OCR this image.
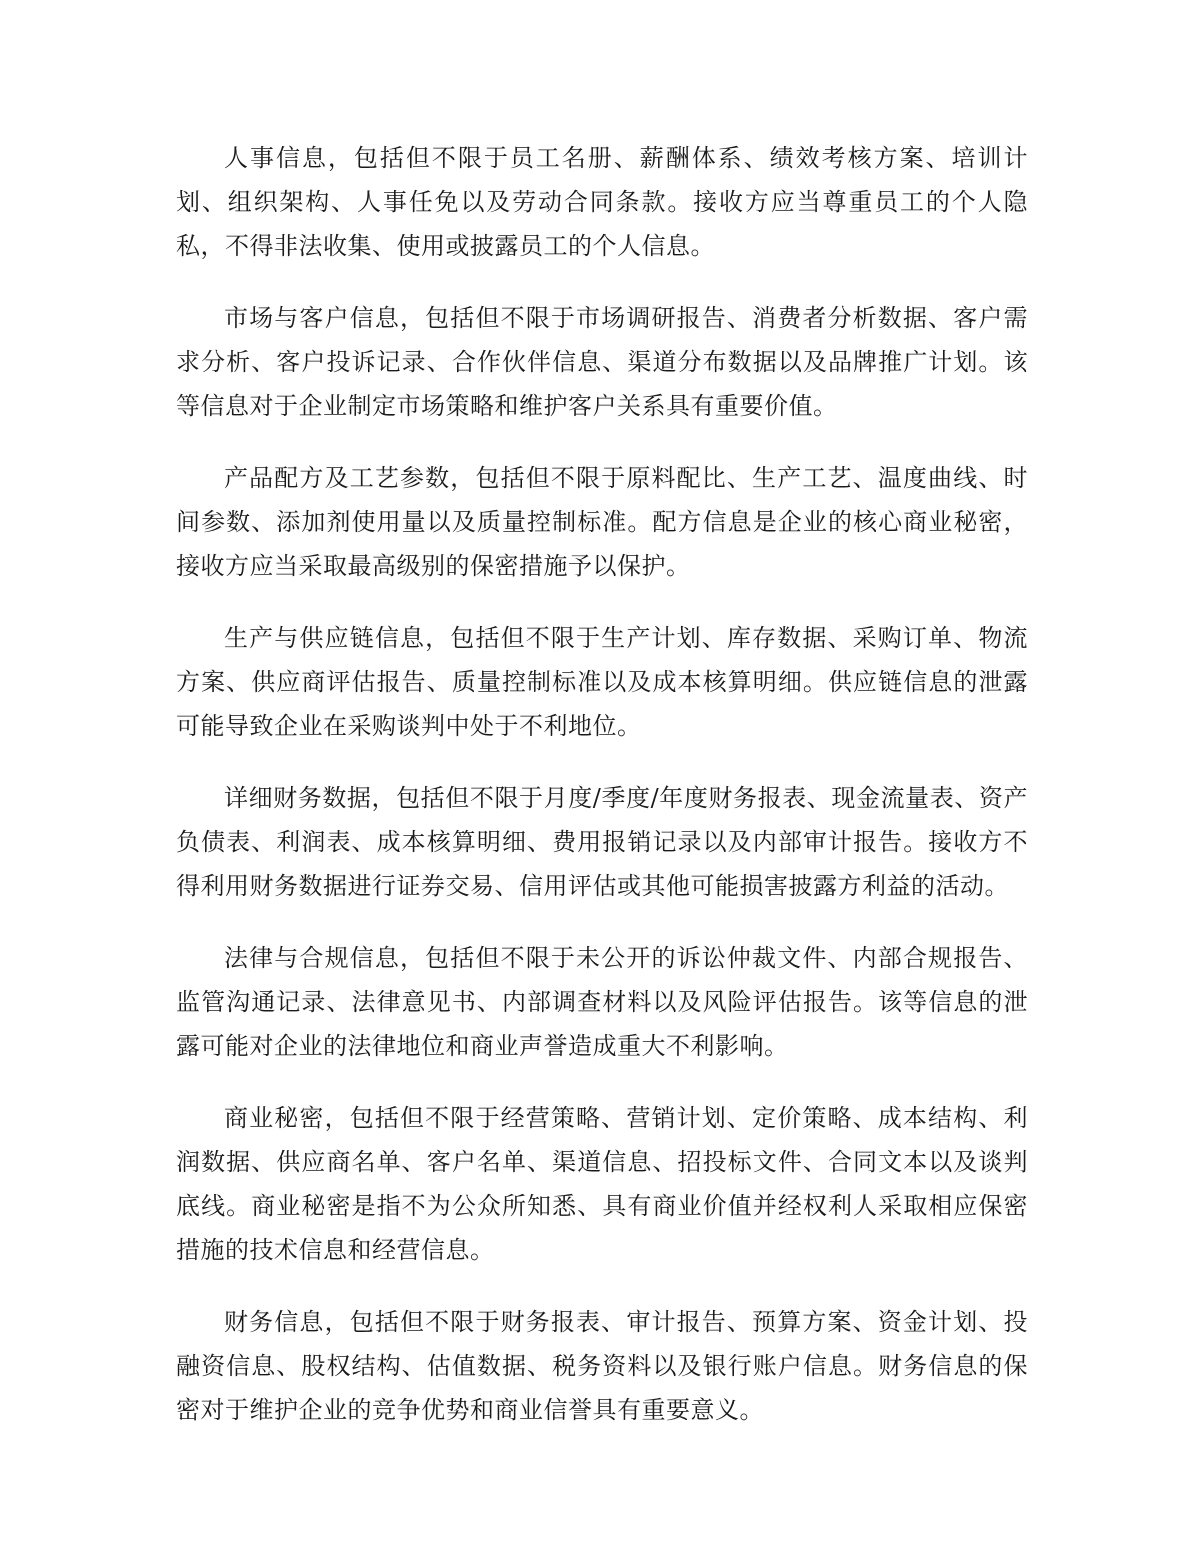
人事信息，包括但不限于员工名册、薪酬体系、绩效考核方案、培训计划、组织架构、人事任免以及劳动合同条款。接收方应当尊重员工的个人隐私，不得非法收集、使用或披露员工的个人信息。

市场与客户信息，包括但不限于市场调研报告、消费者分析数据、客户需求分析、客户投诉记录、合作伙伴信息、渠道分布数据以及品牌推广计划。该等信息对于企业制定市场策略和维护客户关系具有重要价值。

产品配方及工艺参数，包括但不限于原料配比、生产工艺、温度曲线、时间参数、添加剂使用量以及质量控制标准。配方信息是企业的核心商业秘密，接收方应当采取最高级别的保密措施予以保护。

生产与供应链信息，包括但不限于生产计划、库存数据、采购订单、物流方案、供应商评估报告、质量控制标准以及成本核算明细。供应链信息的泄露可能导致企业在采购谈判中处于不利地位。

详细财务数据，包括但不限于月度/季度/年度财务报表、现金流量表、资产负债表、利润表、成本核算明细、费用报销记录以及内部审计报告。接收方不得利用财务数据进行证券交易、信用评估或其他可能损害披露方利益的活动。

法律与合规信息，包括但不限于未公开的诉讼仲裁文件、内部合规报告、监管沟通记录、法律意见书、内部调查材料以及风险评估报告。该等信息的泄露可能对企业的法律地位和商业声誉造成重大不利影响。

商业秘密，包括但不限于经营策略、营销计划、定价策略、成本结构、利润数据、供应商名单、客户名单、渠道信息、招投标文件、合同文本以及谈判底线。商业秘密是指不为公众所知悉、具有商业价值并经权利人采取相应保密措施的技术信息和经营信息。

财务信息，包括但不限于财务报表、审计报告、预算方案、资金计划、投融资信息、股权结构、估值数据、税务资料以及银行账户信息。财务信息的保密对于维护企业的竞争优势和商业信誉具有重要意义。
